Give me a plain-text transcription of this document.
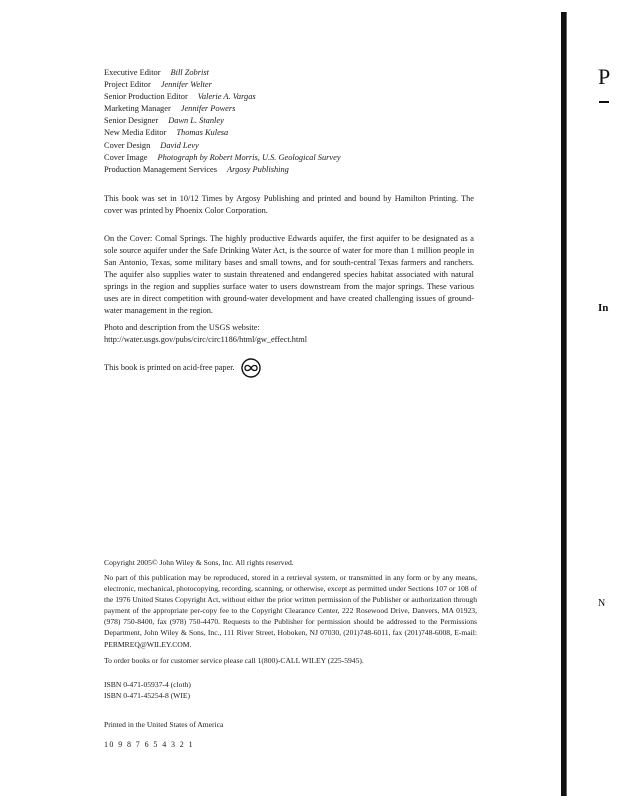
Executive Editor Bill Zobrist
Project Editor Jennifer Welter
Senior Production Editor Valerie A. Vargas
Marketing Manager Jennifer Powers
Senior Designer Dawn L. Stanley
New Media Editor Thomas Kulesa
Cover Design David Levy
Cover Image Photograph by Robert Morris, U.S. Geological Survey
Production Management Services Argosy Publishing
This book was set in 10/12 Times by Argosy Publishing and printed and bound by Hamilton Printing. The cover was printed by Phoenix Color Corporation.
On the Cover: Comal Springs. The highly productive Edwards aquifer, the first aquifer to be designated as a sole source aquifer under the Safe Drinking Water Act, is the source of water for more than 1 million people in San Antonio, Texas, some military bases and small towns, and for south-central Texas farmers and ranchers. The aquifer also supplies water to sustain threatened and endangered species habitat associated with natural springs in the region and supplies surface water to users downstream from the major springs. These various uses are in direct competition with ground-water development and have created challenging issues of ground-water management in the region.
Photo and description from the USGS website:
http://water.usgs.gov/pubs/circ/circ1186/html/gw_effect.html
This book is printed on acid-free paper.
Copyright 2005© John Wiley & Sons, Inc. All rights reserved.
No part of this publication may be reproduced, stored in a retrieval system, or transmitted in any form or by any means, electronic, mechanical, photocopying, recording, scanning, or otherwise, except as permitted under Sections 107 or 108 of the 1976 United States Copyright Act, without either the prior written permission of the Publisher or authorization through payment of the appropriate per-copy fee to the Copyright Clearance Center, 222 Rosewood Drive, Danvers, MA 01923, (978) 750-8400, fax (978) 750-4470. Requests to the Publisher for permission should be addressed to the Permissions Department, John Wiley & Sons, Inc., 111 River Street, Hoboken, NJ 07030, (201)748-6011, fax (201)748-6008, E-mail: PERMREQ@WILEY.COM.
To order books or for customer service please call 1(800)-CALL WILEY (225-5945).
ISBN 0-471-05937-4 (cloth)
ISBN 0-471-45254-8 (WIE)
Printed in the United States of America
10 9 8 7 6 5 4 3 2 1
P
In
N
